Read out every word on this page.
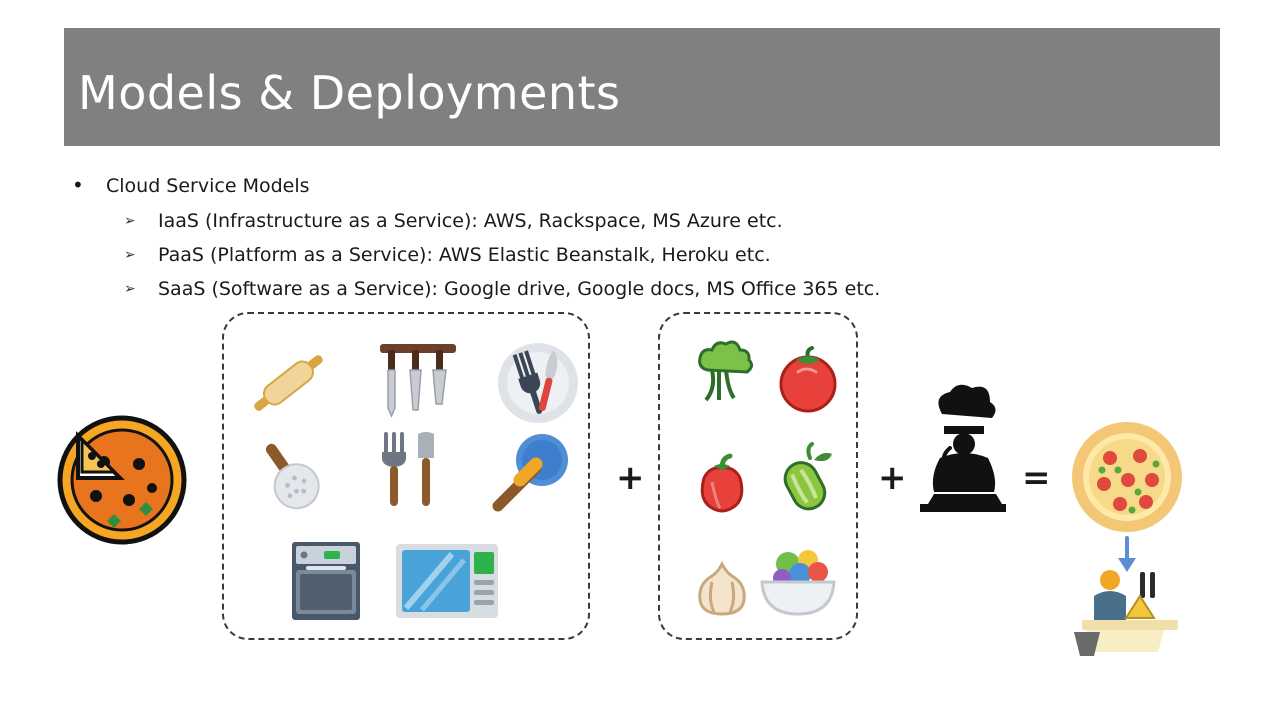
Models & Deployments
• Cloud Service Models
➢ IaaS (Infrastructure as a Service): AWS, Rackspace, MS Azure etc.
➢ PaaS (Platform as a Service): AWS Elastic Beanstalk, Heroku etc.
➢ SaaS (Software as a Service): Google drive, Google docs, MS Office 365 etc.
+	+	=
